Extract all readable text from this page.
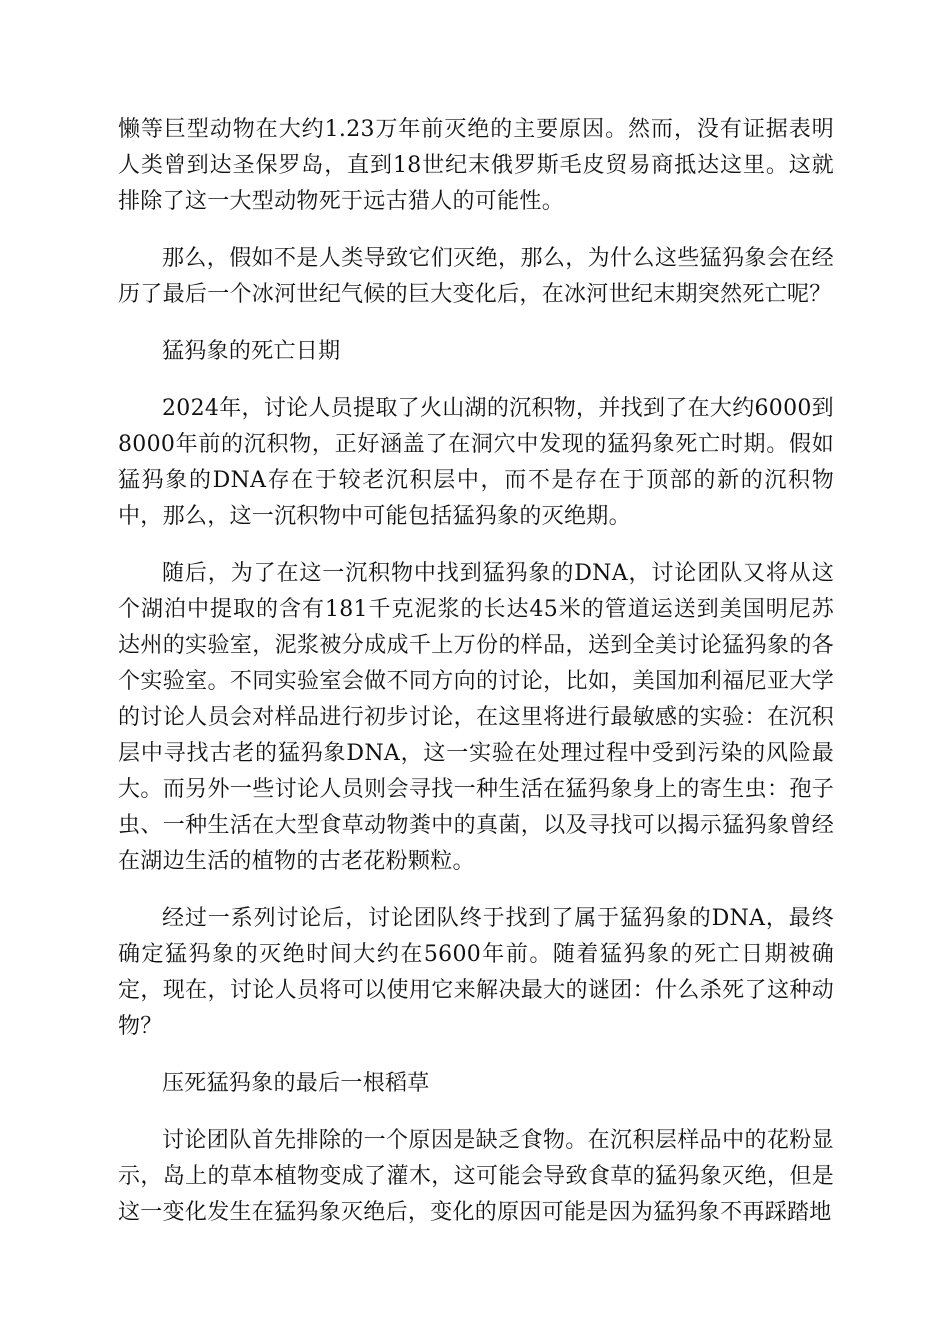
懒等巨型动物在大约1.23万年前灭绝的主要原因。然而，没有证据表明人类曾到达圣保罗岛，直到18世纪末俄罗斯毛皮贸易商抵达这里。这就排除了这一大型动物死于远古猎人的可能性。

那么，假如不是人类导致它们灭绝，那么，为什么这些猛犸象会在经历了最后一个冰河世纪气候的巨大变化后，在冰河世纪末期突然死亡呢？

猛犸象的死亡日期

2024年，讨论人员提取了火山湖的沉积物，并找到了在大约6000到8000年前的沉积物，正好涵盖了在洞穴中发现的猛犸象死亡时期。假如猛犸象的DNA存在于较老沉积层中，而不是存在于顶部的新的沉积物中，那么，这一沉积物中可能包括猛犸象的灭绝期。

随后，为了在这一沉积物中找到猛犸象的DNA，讨论团队又将从这个湖泊中提取的含有181千克泥浆的长达45米的管道运送到美国明尼苏达州的实验室，泥浆被分成成千上万份的样品，送到全美讨论猛犸象的各个实验室。不同实验室会做不同方向的讨论，比如，美国加利福尼亚大学的讨论人员会对样品进行初步讨论，在这里将进行最敏感的实验：在沉积层中寻找古老的猛犸象DNA，这一实验在处理过程中受到污染的风险最大。而另外一些讨论人员则会寻找一种生活在猛犸象身上的寄生虫：孢子虫、一种生活在大型食草动物粪中的真菌，以及寻找可以揭示猛犸象曾经在湖边生活的植物的古老花粉颗粒。

经过一系列讨论后，讨论团队终于找到了属于猛犸象的DNA，最终确定猛犸象的灭绝时间大约在5600年前。随着猛犸象的死亡日期被确定，现在，讨论人员将可以使用它来解决最大的谜团：什么杀死了这种动物？

压死猛犸象的最后一根稻草

讨论团队首先排除的一个原因是缺乏食物。在沉积层样品中的花粉显示，岛上的草本植物变成了灌木，这可能会导致食草的猛犸象灭绝，但是这一变化发生在猛犸象灭绝后，变化的原因可能是因为猛犸象不再踩踏地
